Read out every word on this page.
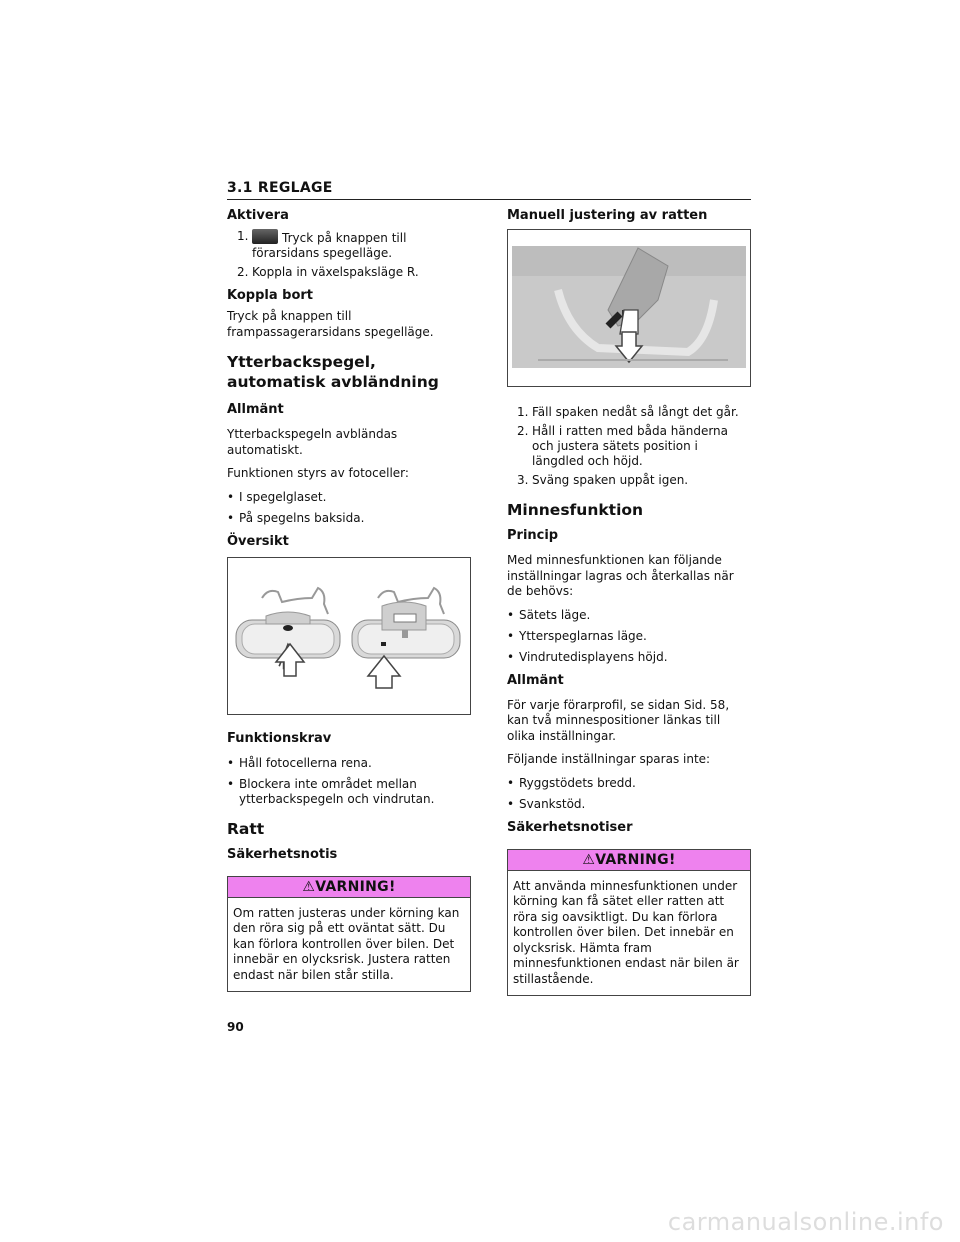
3.1 REGLAGE
Aktivera
1.	Tryck på knappen till förarsidans spegelläge.
2. Koppla in växelspaksläge R.
Koppla bort

Tryck på knappen till frampassagerarsidans spegelläge.

Ytterbackspegel, automatisk avbländning
Allmänt

Ytterbackspegeln avbländas automatiskt.

Funktionen styrs av fotoceller:

• I spegelglaset.
• På spegelns baksida.
Översikt
Funktionskrav
• Håll fotocellerna rena.
• Blockera inte området mellan ytterbackspegeln och vindrutan.
Ratt
Säkerhetsnotis
⚠VARNING!
Om ratten justeras under körning kan den röra sig på ett oväntat sätt. Du kan förlora kontrollen över bilen. Det innebär en olycksrisk. Justera ratten endast när bilen står stilla.
Manuell justering av ratten
1. Fäll spaken nedåt så långt det går.
2. Håll i ratten med båda händerna och justera sätets position i längdled och höjd.
3. Sväng spaken uppåt igen.
Minnesfunktion
Princip

Med minnesfunktionen kan följande inställningar lagras och återkallas när de behövs:

• Sätets läge.
• Ytterspeglarnas läge.
• Vindrutedisplayens höjd.
Allmänt

För varje förarprofil, se sidan Sid. 58, kan två minnespositioner länkas till olika inställningar.

Följande inställningar sparas inte:

• Ryggstödets bredd.
• Svankstöd.
Säkerhetsnotiser
⚠VARNING!
Att använda minnesfunktionen under körning kan få sätet eller ratten att röra sig oavsiktligt. Du kan förlora kontrollen över bilen. Det innebär en olycksrisk. Hämta fram minnesfunktionen endast när bilen är stillastående.
90
carmanualsonline.info
